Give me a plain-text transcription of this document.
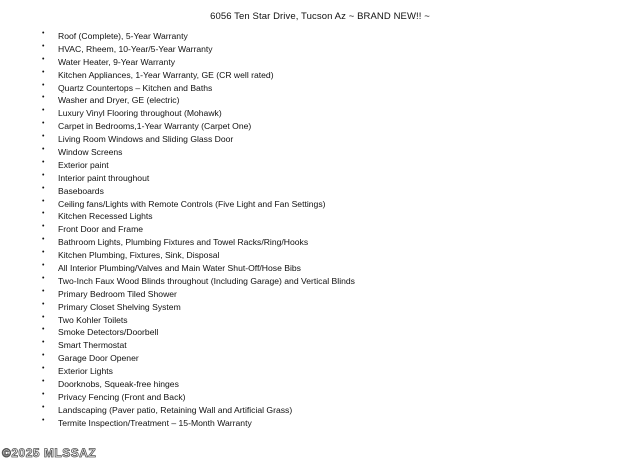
6056 Ten Star Drive, Tucson Az ~ BRAND NEW!! ~
• Roof (Complete), 5-Year Warranty
• HVAC, Rheem, 10-Year/5-Year Warranty
• Water Heater, 9-Year Warranty
• Kitchen Appliances, 1-Year Warranty, GE (CR well rated)
• Quartz Countertops – Kitchen and Baths
• Washer and Dryer, GE (electric)
• Luxury Vinyl Flooring throughout (Mohawk)
• Carpet in Bedrooms,1-Year Warranty (Carpet One)
• Living Room Windows and Sliding Glass Door
• Window Screens
• Exterior paint
• Interior paint throughout
• Baseboards
• Ceiling fans/Lights with Remote Controls (Five Light and Fan Settings)
• Kitchen Recessed Lights
• Front Door and Frame
• Bathroom Lights, Plumbing Fixtures and Towel Racks/Ring/Hooks
• Kitchen Plumbing, Fixtures, Sink, Disposal
• All Interior Plumbing/Valves and Main Water Shut-Off/Hose Bibs
• Two-Inch Faux Wood Blinds throughout (Including Garage) and Vertical Blinds
• Primary Bedroom Tiled Shower
• Primary Closet Shelving System
• Two Kohler Toilets
• Smoke Detectors/Doorbell
• Smart Thermostat
• Garage Door Opener
• Exterior Lights
• Doorknobs, Squeak-free hinges
• Privacy Fencing (Front and Back)
• Landscaping (Paver patio, Retaining Wall and Artificial Grass)
• Termite Inspection/Treatment – 15-Month Warranty
©2025 MLSSAZ
